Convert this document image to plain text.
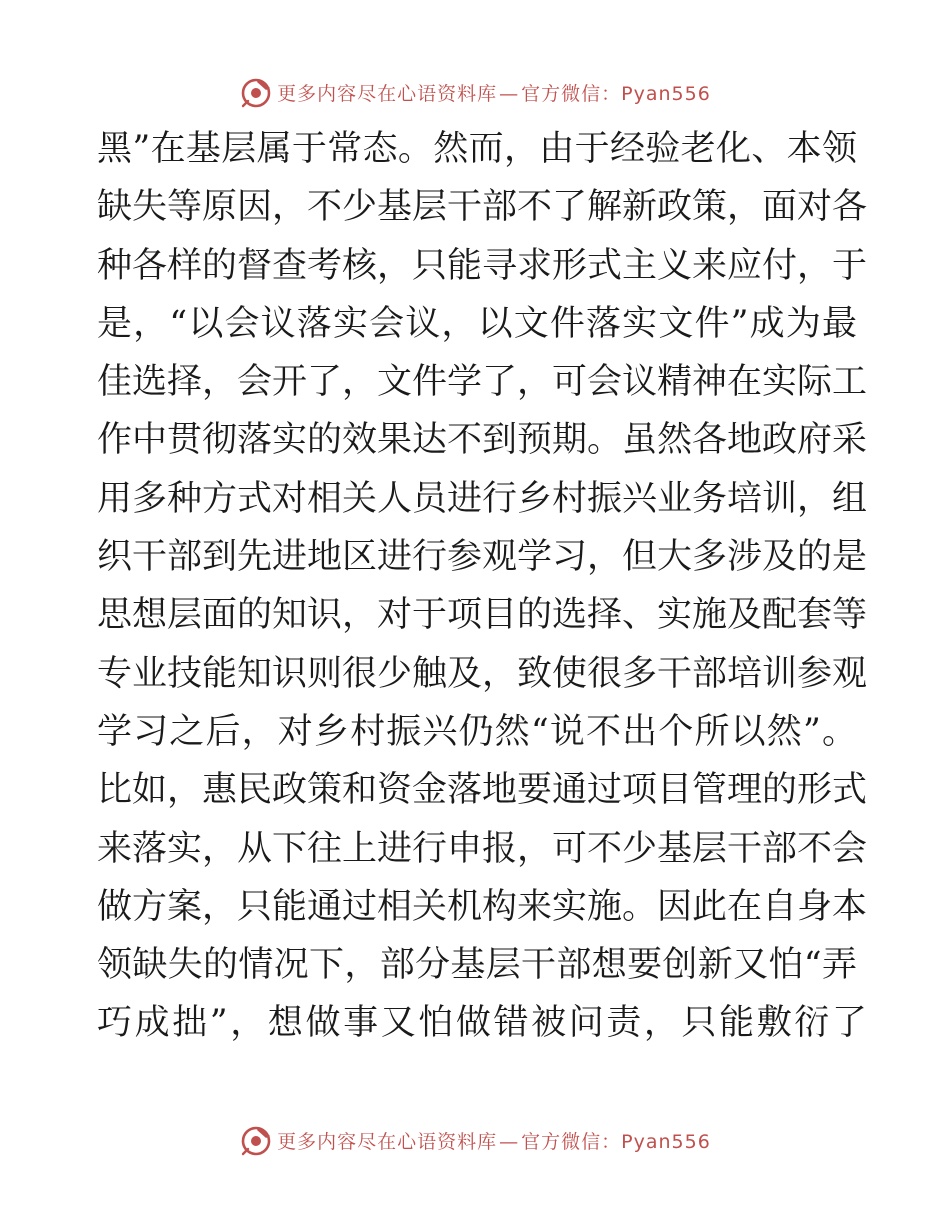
更多内容尽在心语资料库 — 官方微信：Pyan556
黑”在基层属于常态。然而，由于经验老化、本领
缺失等原因，不少基层干部不了解新政策，面对各
种各样的督查考核，只能寻求形式主义来应付，于
是，“以会议落实会议，以文件落实文件”成为最
佳选择，会开了，文件学了，可会议精神在实际工
作中贯彻落实的效果达不到预期。虽然各地政府采
用多种方式对相关人员进行乡村振兴业务培训，组
织干部到先进地区进行参观学习，但大多涉及的是
思想层面的知识，对于项目的选择、实施及配套等
专业技能知识则很少触及，致使很多干部培训参观
学习之后，对乡村振兴仍然“说不出个所以然”。
比如，惠民政策和资金落地要通过项目管理的形式
来落实，从下往上进行申报，可不少基层干部不会
做方案，只能通过相关机构来实施。因此在自身本
领缺失的情况下，部分基层干部想要创新又怕“弄
巧成拙”，想做事又怕做错被问责，只能敷衍了
更多内容尽在心语资料库 — 官方微信：Pyan556
